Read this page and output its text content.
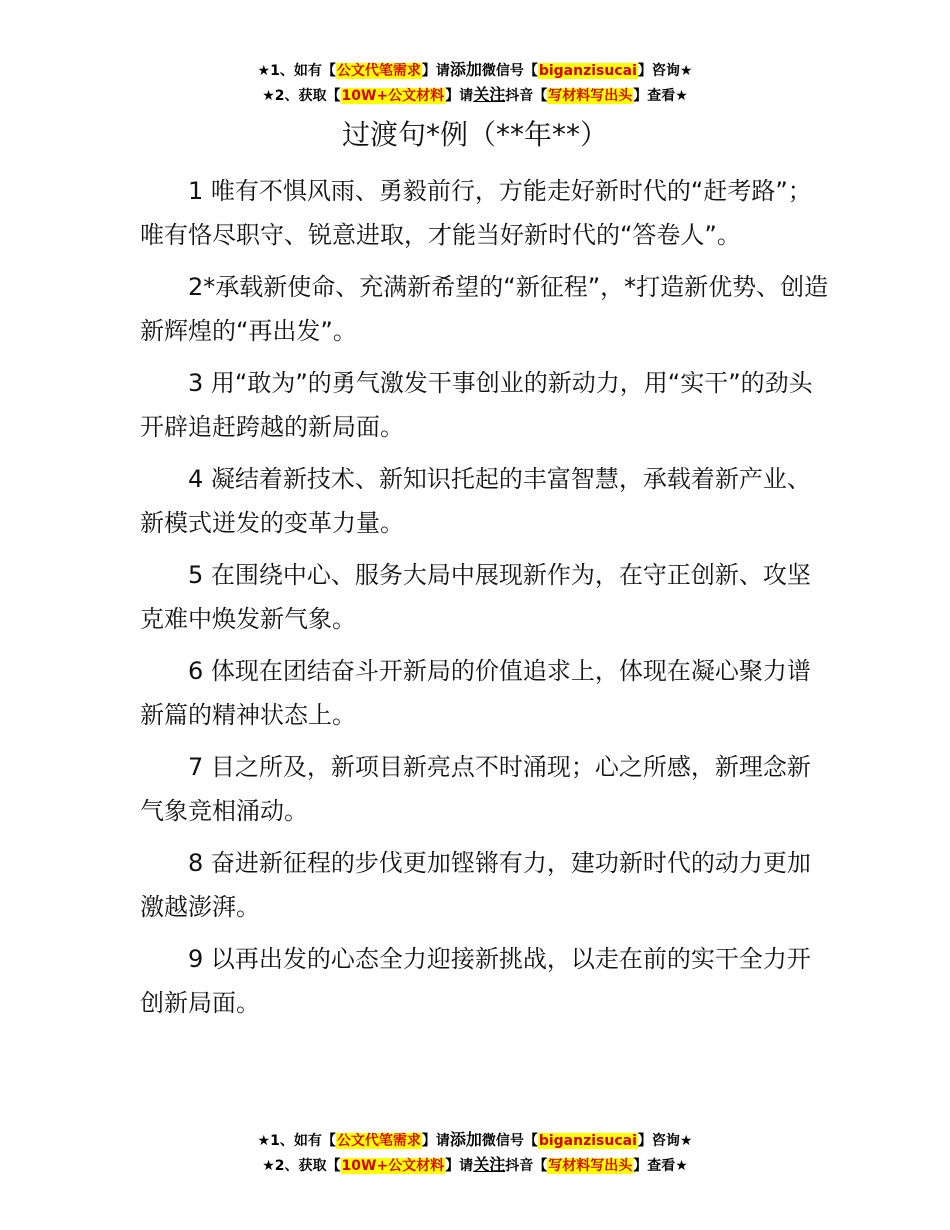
★1、如有【公文代笔需求】请添加微信号【biganzisucai】咨询★
★2、获取【10W+公文材料】请关注抖音【写材料写出头】查看★
过渡句*例（**年**）

1 唯有不惧风雨、勇毅前行，方能走好新时代的“赶考路”；唯有恪尽职守、锐意进取，才能当好新时代的“答卷人”。

2*承载新使命、充满新希望的“新征程”，*打造新优势、创造新辉煌的“再出发”。

3 用“敢为”的勇气激发干事创业的新动力，用“实干”的劲头开辟追赶跨越的新局面。

4 凝结着新技术、新知识托起的丰富智慧，承载着新产业、新模式迸发的变革力量。

5 在围绕中心、服务大局中展现新作为，在守正创新、攻坚克难中焕发新气象。

6 体现在团结奋斗开新局的价值追求上，体现在凝心聚力谱新篇的精神状态上。

7 目之所及，新项目新亮点不时涌现；心之所感，新理念新气象竞相涌动。

8 奋进新征程的步伐更加铿锵有力，建功新时代的动力更加激越澎湃。

9 以再出发的心态全力迎接新挑战，以走在前的实干全力开创新局面。

★1、如有【公文代笔需求】请添加微信号【biganzisucai】咨询★
★2、获取【10W+公文材料】请关注抖音【写材料写出头】查看★
